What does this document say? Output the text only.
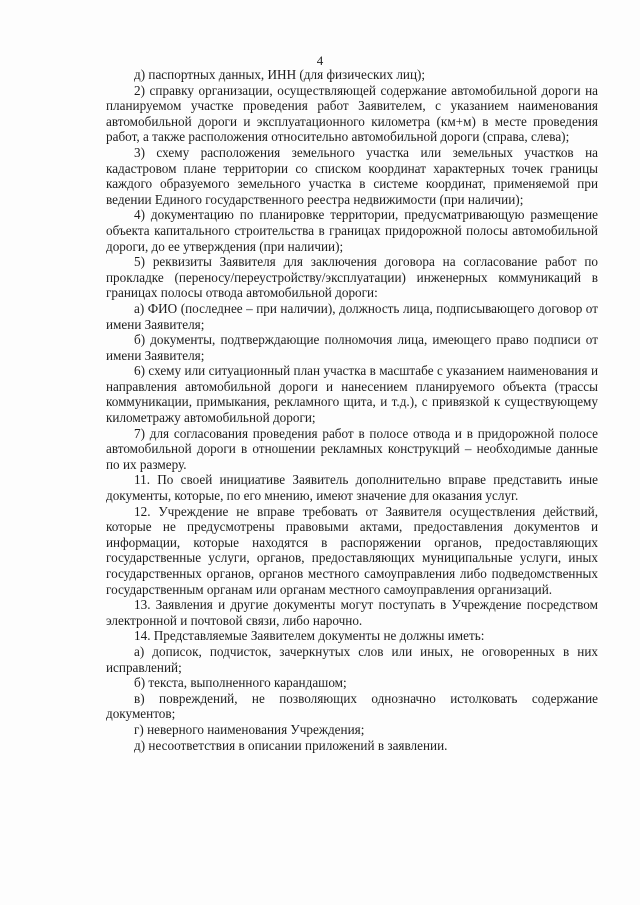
4

д) паспортных данных, ИНН (для физических лиц);

2) справку организации, осуществляющей содержание автомобильной дороги на планируемом участке проведения работ Заявителем, с указанием наименования автомобильной дороги и эксплуатационного километра (км+м) в месте проведения работ, а также расположения относительно автомобильной дороги (справа, слева);

3) схему расположения земельного участка или земельных участков на кадастровом плане территории со списком координат характерных точек границы каждого образуемого земельного участка в системе координат, применяемой при ведении Единого государственного реестра недвижимости (при наличии);

4) документацию по планировке территории, предусматривающую размещение объекта капитального строительства в границах придорожной полосы автомобильной дороги, до ее утверждения (при наличии);

5) реквизиты Заявителя для заключения договора на согласование работ по прокладке (переносу/переустройству/эксплуатации) инженерных коммуникаций в границах полосы отвода автомобильной дороги:

а) ФИО (последнее – при наличии), должность лица, подписывающего договор от имени Заявителя;

б) документы, подтверждающие полномочия лица, имеющего право подписи от имени Заявителя;

6) схему или ситуационный план участка в масштабе с указанием наименования и направления автомобильной дороги и нанесением планируемого объекта (трассы коммуникации, примыкания, рекламного щита, и т.д.), с привязкой к существующему километражу автомобильной дороги;

7) для согласования проведения работ в полосе отвода и в придорожной полосе автомобильной дороги в отношении рекламных конструкций – необходимые данные по их размеру.

11. По своей инициативе Заявитель дополнительно вправе представить иные документы, которые, по его мнению, имеют значение для оказания услуг.

12. Учреждение не вправе требовать от Заявителя осуществления действий, которые не предусмотрены правовыми актами, предоставления документов и информации, которые находятся в распоряжении органов, предоставляющих государственные услуги, органов, предоставляющих муниципальные услуги, иных государственных органов, органов местного самоуправления либо подведомственных государственным органам или органам местного самоуправления организаций.

13. Заявления и другие документы могут поступать в Учреждение посредством электронной и почтовой связи, либо нарочно.

14. Представляемые Заявителем документы не должны иметь:

а) дописок, подчисток, зачеркнутых слов или иных, не оговоренных в них исправлений;

б) текста, выполненного карандашом;

в) повреждений, не позволяющих однозначно истолковать содержание документов;

г) неверного наименования Учреждения;

д) несоответствия в описании приложений в заявлении.
